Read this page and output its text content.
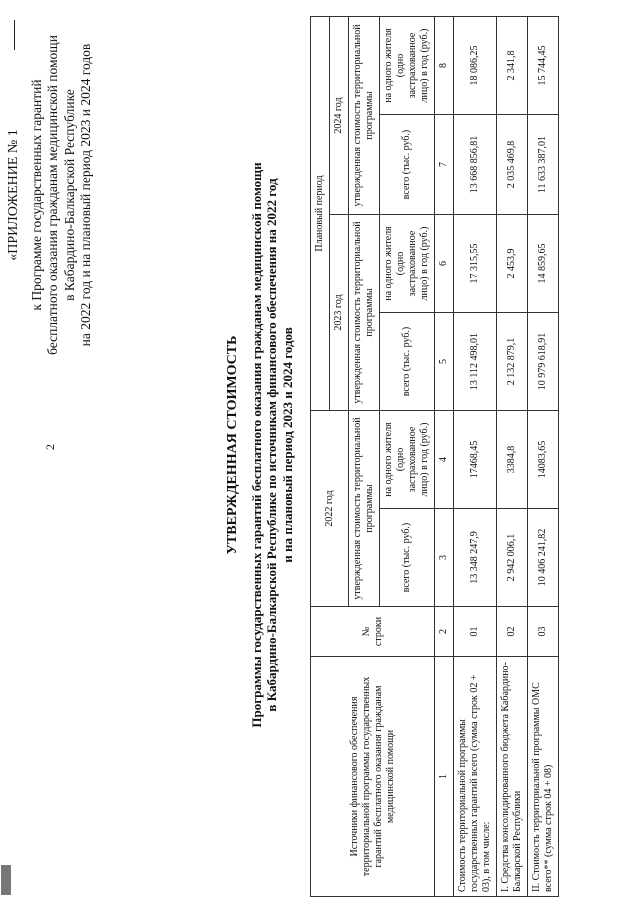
2
«ПРИЛОЖЕНИЕ № 1 к Программе государственных гарантий бесплатного оказания гражданам медицинской помощи в Кабардино-Балкарской Республике на 2022 год и на плановый период 2023 и 2024 годов
УТВЕРЖДЕННАЯ СТОИМОСТЬ Программы государственных гарантий бесплатного оказания гражданам медицинской помощи в Кабардино-Балкарской Республике по источникам финансового обеспечения на 2022 год и на плановый период 2023 и 2024 годов
Источники финансового обеспечения территориальной программы государственных гарантий бесплатного оказания гражданам медицинской помощи	№ строки	2022 год		Плановый период			
				2023 год		2024 год	
		утвержденная стоимость территориальной программы		утвержденная стоимость территориальной программы		утвержденная стоимость территориальной программы	
		всего (тыс. руб.)	на одного жителя (одно застрахованное лицо) в год (руб.)	всего (тыс. руб.)	на одного жителя (одно застрахованное лицо) в год (руб.)	всего (тыс. руб.)	на одного жителя (одно застрахованное лицо) в год (руб.)
1	2	3	4	5	6	7	8
Стоимость территориальной программы государственных гарантий всего (сумма строк 02 + 03), в том числе:	01	13 348 247,9	17468,45	13 112 498,01	17 315,55	13 668 856,81	18 086,25
I. Средства консолидированного бюджета Кабардино-Балкарской Республики	02	2 942 006,1	3384,8	2 132 879,1	2 453,9	2 035 469,8	2 341,8
II. Стоимость территориальной программы ОМС всего** (сумма строк 04 + 08)	03	10 406 241,82	14083,65	10 979 618,91	14 859,65	11 633 387,01	15 744,45
